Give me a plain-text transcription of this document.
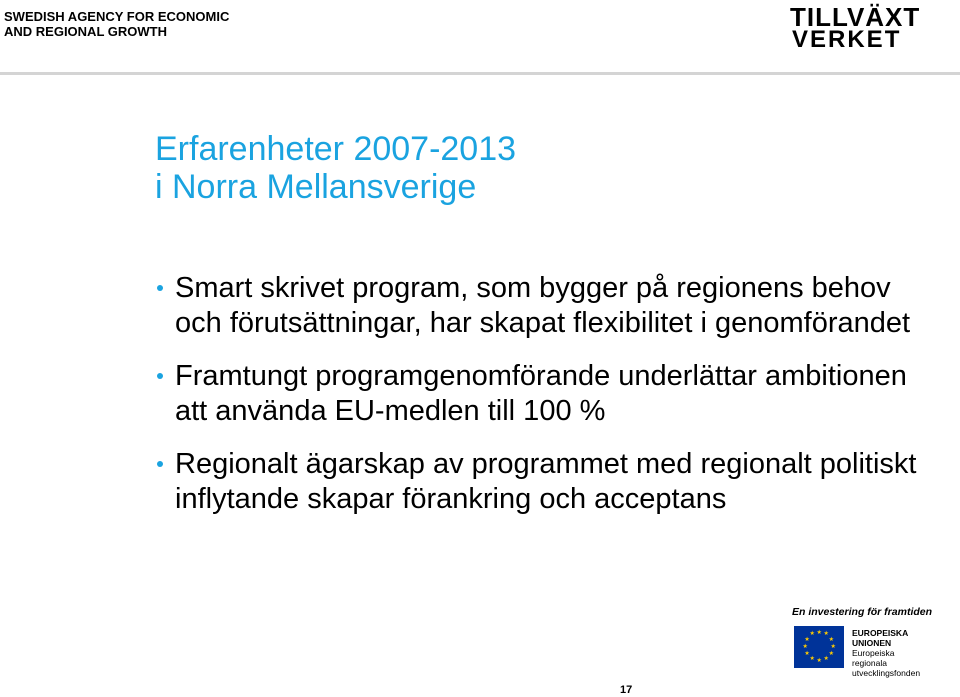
SWEDISH AGENCY FOR ECONOMIC
AND REGIONAL GROWTH	TILLVÄXT
VERKET
Erfarenheter 2007-2013
i Norra Mellansverige
Smart skrivet program, som bygger på regionens behov och förutsättningar, har skapat flexibilitet i genomförandet
Framtungt programgenomförande underlättar ambitionen att använda EU-medlen till 100 %
Regionalt ägarskap av programmet med regionalt politiskt inflytande skapar förankring och acceptans
En investering för framtiden
★ ★
★
★
★
★
★
★
★
★
★
★	EUROPEISKA
UNIONEN
Europeiska
regionala
utvecklingsfonden
17
